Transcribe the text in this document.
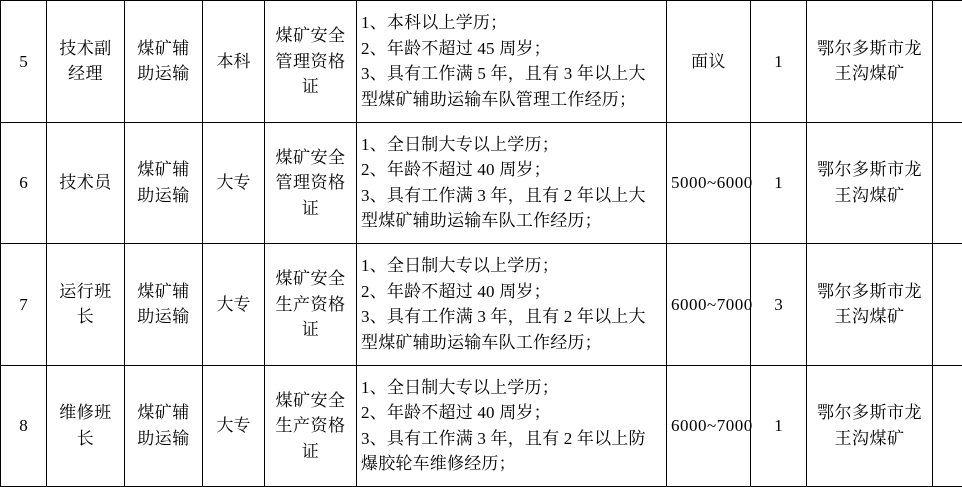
5	技术副经理	煤矿辅助运输	本科	煤矿安全管理资格证	1、本科以上学历；
2、年龄不超过 45 周岁；
3、具有工作满 5 年，且有 3 年以上大型煤矿辅助运输车队管理工作经历；	面议	1	鄂尔多斯市龙王沟煤矿	
6	技术员	煤矿辅助运输	大专	煤矿安全管理资格证	1、全日制大专以上学历；
2、年龄不超过 40 周岁；
3、具有工作满 3 年，且有 2 年以上大型煤矿辅助运输车队工作经历；	5000~6000	1	鄂尔多斯市龙王沟煤矿	
7	运行班长	煤矿辅助运输	大专	煤矿安全生产资格证	1、全日制大专以上学历；
2、年龄不超过 40 周岁；
3、具有工作满 3 年，且有 2 年以上大型煤矿辅助运输车队工作经历；	6000~7000	3	鄂尔多斯市龙王沟煤矿	
8	维修班长	煤矿辅助运输	大专	煤矿安全生产资格证	1、全日制大专以上学历；
2、年龄不超过 40 周岁；
3、具有工作满 3 年，且有 2 年以上防爆胶轮车维修经历；	6000~7000	1	鄂尔多斯市龙王沟煤矿	
